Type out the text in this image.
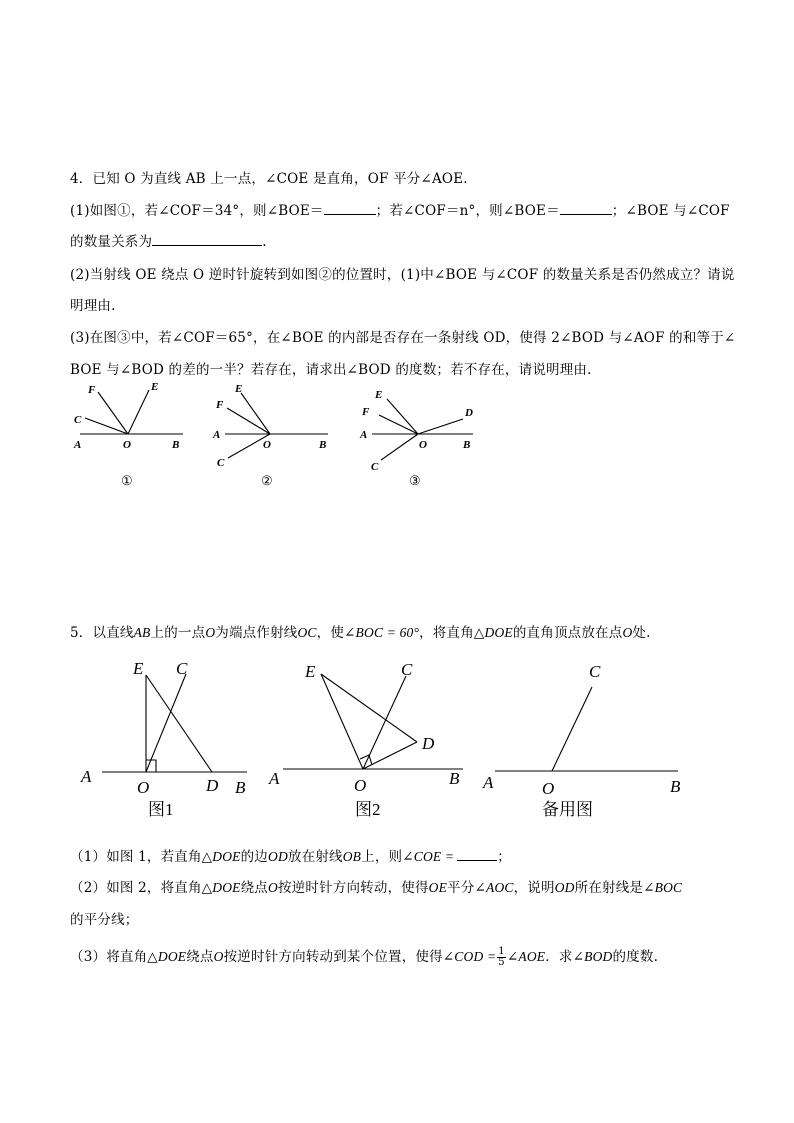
4．已知 O 为直线 AB 上一点，∠COE 是直角，OF 平分∠AOE.
(1)如图①，若∠COF＝34°，则∠BOE＝	；若∠COF＝n°，则∠BOE＝	；∠BOE 与∠COF
的数量关系为	.
(2)当射线 OE 绕点 O 逆时针旋转到如图②的位置时，(1)中∠BOE 与∠COF 的数量关系是否仍然成立？请说
明理由.
(3)在图③中，若∠COF＝65°，在∠BOE 的内部是否存在一条射线 OD，使得 2∠BOD 与∠AOF 的和等于∠
BOE 与∠BOD 的差的一半？若存在，请求出∠BOD 的度数；若不存在，请说明理由.
F	E
C
A	O	B
①
E
F
A
O	B
C
②
E
F	D
A
O	B
C
③
5．以直线AB上的一点O为端点作射线OC，使∠BOC = 60°，将直角△DOE的直角顶点放在点O处.
E C
A
O	D B
图1
E	C
D
A	O	B
图2
C
A	O	B
备用图
（1）如图 1，若直角△DOE的边OD放在射线OB上，则∠COE =	；
（2）如图 2，将直角△DOE绕点O按逆时针方向转动，使得OE平分∠AOC，说明OD所在射线是∠BOC
的平分线；
（3）将直角△DOE绕点O按逆时针方向转动到某个位置，使得∠COD = $\frac{1}{5}$ ∠AOE．求∠BOD的度数.
